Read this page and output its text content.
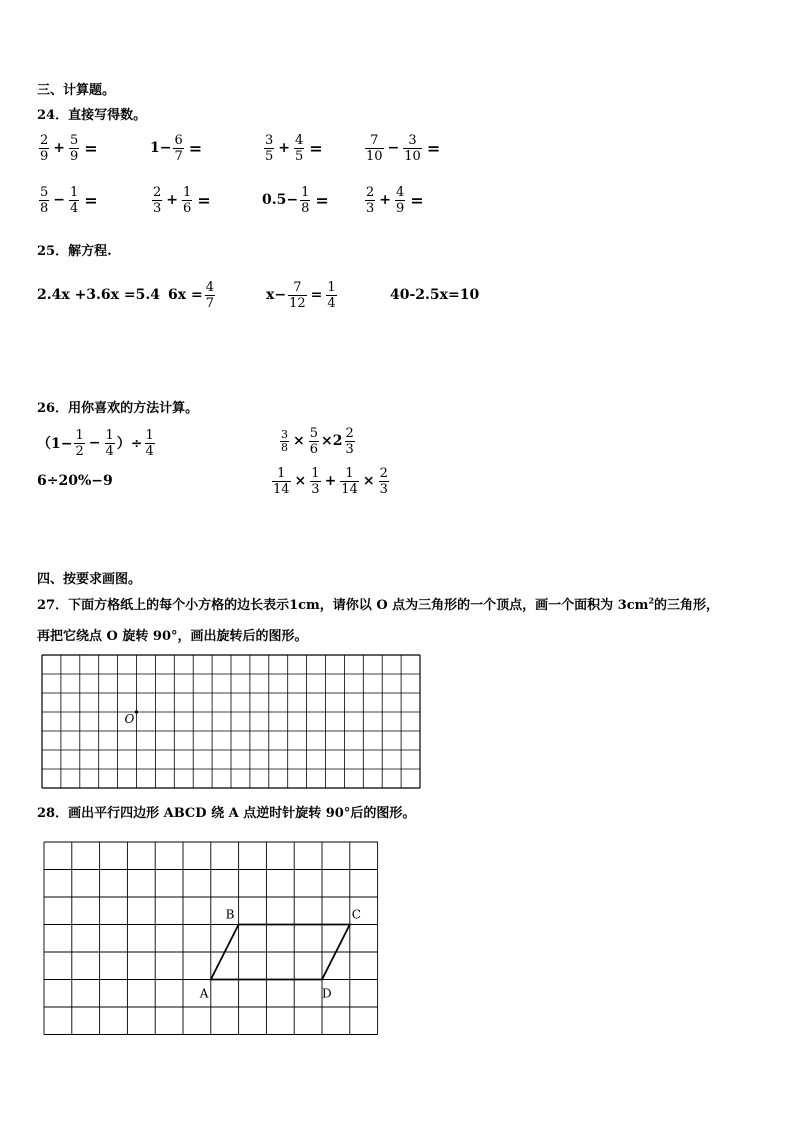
三、计算题。
24．直接写得数。
$\frac{2}{9} + \frac{5}{9}$ =	$1- \frac{6}{7}$ =	$\frac{3}{5} + \frac{4}{5}$ =	$\frac{7}{10} - \frac{3}{10}$ =
$\frac{5}{8} - \frac{1}{4}$ =	$\frac{2}{3} + \frac{1}{6}$ =	$0.5- \frac{1}{8}$ =	$\frac{2}{3} + \frac{4}{9}$ =
25．解方程.
2.4x +3.6x =5.4 $6x = \frac{4}{7}$	$x- \frac{7}{12} = \frac{1}{4}$	40-2.5x=10
26．用你喜欢的方法计算。
（$1- \frac{1}{2} - \frac{1}{4}$ ）÷ $\frac{1}{4}$	$\frac{3}{8} \times \frac{5}{6} \times 2 \frac{2}{3}$
6÷20%−9	$\frac{1}{14} \times \frac{1}{3} + \frac{1}{14} \times \frac{2}{3}$
四、按要求画图。
27．下面方格纸上的每个小方格的边长表示1cm，请你以 O 点为三角形的一个顶点，画一个面积为 $3cm^2$的三角形，
再把它绕点 O 旋转 90°，画出旋转后的图形。
O
28．画出平行四边形 ABCD 绕 A 点逆时针旋转 90°后的图形。
A
B	C
D
